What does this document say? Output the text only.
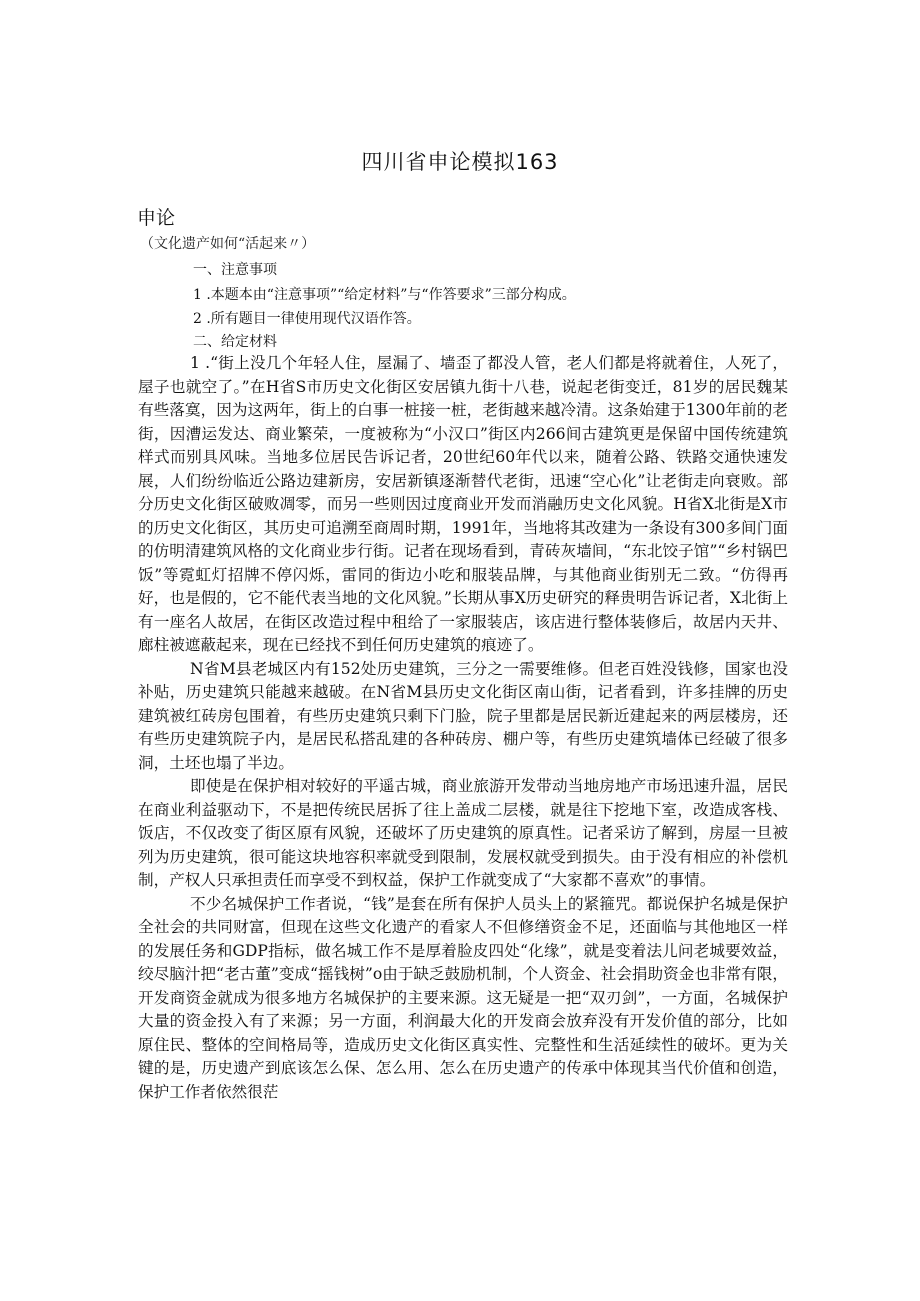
四川省申论模拟163
申论
（文化遗产如何“活起来〃）
一、注意事项
1 .本题本由“注意事项”“给定材料”与“作答要求”三部分构成。
2 .所有题目一律使用现代汉语作答。
二、给定材料

1 .“街上没几个年轻人住，屋漏了、墙歪了都没人管，老人们都是将就着住，人死了，屋子也就空了。”在H省S市历史文化街区安居镇九街十八巷，说起老街变迁，81岁的居民魏某有些落寞，因为这两年，街上的白事一桩接一桩，老街越来越冷清。这条始建于1300年前的老街，因漕运发达、商业繁荣，一度被称为“小汉口”街区内266间古建筑更是保留中国传统建筑样式而别具风味。当地多位居民告诉记者，20世纪60年代以来，随着公路、铁路交通快速发展，人们纷纷临近公路边建新房，安居新镇逐渐替代老街，迅速“空心化”让老街走向衰败。部分历史文化街区破败凋零，而另一些则因过度商业开发而消融历史文化风貌。H省X北街是X市的历史文化街区，其历史可追溯至商周时期，1991年，当地将其改建为一条设有300多间门面的仿明清建筑风格的文化商业步行街。记者在现场看到，青砖灰墙间，“东北饺子馆”“乡村锅巴饭”等霓虹灯招牌不停闪烁，雷同的街边小吃和服装品牌，与其他商业街别无二致。“仿得再好，也是假的，它不能代表当地的文化风貌。”长期从事X历史研究的释贵明告诉记者，X北街上有一座名人故居，在街区改造过程中租给了一家服装店，该店进行整体装修后，故居内天井、廊柱被遮蔽起来，现在已经找不到任何历史建筑的痕迹了。

N省M县老城区内有152处历史建筑，三分之一需要维修。但老百姓没钱修，国家也没补贴，历史建筑只能越来越破。在N省M县历史文化街区南山街，记者看到，许多挂牌的历史建筑被红砖房包围着，有些历史建筑只剩下门脸，院子里都是居民新近建起来的两层楼房，还有些历史建筑院子内，是居民私搭乱建的各种砖房、棚户等，有些历史建筑墙体已经破了很多洞，土坯也塌了半边。

即使是在保护相对较好的平遥古城，商业旅游开发带动当地房地产市场迅速升温，居民在商业利益驱动下，不是把传统民居拆了往上盖成二层楼，就是往下挖地下室，改造成客栈、饭店，不仅改变了街区原有风貌，还破坏了历史建筑的原真性。记者采访了解到，房屋一旦被列为历史建筑，很可能这块地容积率就受到限制，发展权就受到损失。由于没有相应的补偿机制，产权人只承担责任而享受不到权益，保护工作就变成了“大家都不喜欢”的事情。

不少名城保护工作者说，“钱”是套在所有保护人员头上的紧箍咒。都说保护名城是保护全社会的共同财富，但现在这些文化遗产的看家人不但修缮资金不足，还面临与其他地区一样的发展任务和GDP指标，做名城工作不是厚着脸皮四处“化缘”，就是变着法儿问老城要效益，绞尽脑汁把“老古董”变成“摇钱树”o由于缺乏鼓励机制，个人资金、社会捐助资金也非常有限，开发商资金就成为很多地方名城保护的主要来源。这无疑是一把“双刃剑”，一方面，名城保护大量的资金投入有了来源；另一方面，利润最大化的开发商会放弃没有开发价值的部分，比如原住民、整体的空间格局等，造成历史文化街区真实性、完整性和生活延续性的破坏。更为关键的是，历史遗产到底该怎么保、怎么用、怎么在历史遗产的传承中体现其当代价值和创造，保护工作者依然很茫
